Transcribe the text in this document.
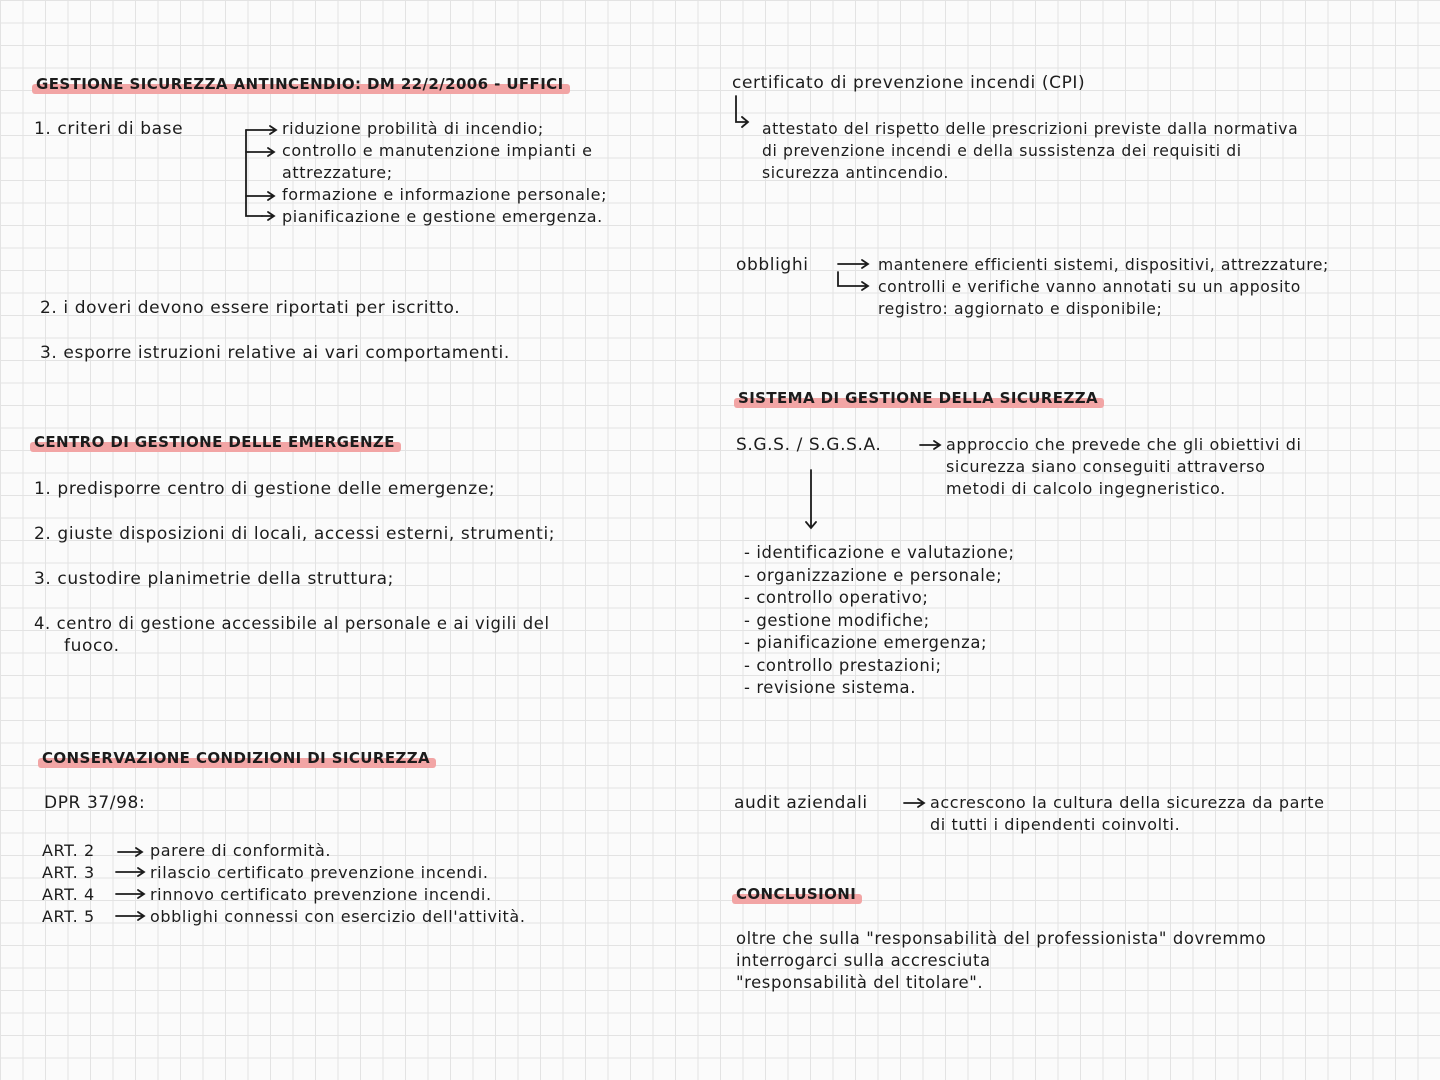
GESTIONE SICUREZZA ANTINCENDIO: DM 22/2/2006 - UFFICI
1. criteri di base	riduzione probilità di incendio;
controllo e manutenzione impianti e
attrezzature;
formazione e informazione personale;
pianificazione e gestione emergenza.
2. i doveri devono essere riportati per iscritto.
3. esporre istruzioni relative ai vari comportamenti.
CENTRO DI GESTIONE DELLE EMERGENZE
1. predisporre centro di gestione delle emergenze;
2. giuste disposizioni di locali, accessi esterni, strumenti;
3. custodire planimetrie della struttura;
4. centro di gestione accessibile al personale e ai vigili del
fuoco.
CONSERVAZIONE CONDIZIONI DI SICUREZZA
DPR 37/98:
ART. 2	parere di conformità.
ART. 3	rilascio certificato prevenzione incendi.
ART. 4	rinnovo certificato prevenzione incendi.
ART. 5	obblighi connessi con esercizio dell'attività.
certificato di prevenzione incendi (CPI)
attestato del rispetto delle prescrizioni previste dalla normativa
di prevenzione incendi e della sussistenza dei requisiti di
sicurezza antincendio.
obblighi	mantenere efficienti sistemi, dispositivi, attrezzature;
controlli e verifiche vanno annotati su un apposito
registro: aggiornato e disponibile;
SISTEMA DI GESTIONE DELLA SICUREZZA
S.G.S. / S.G.S.A.	approccio che prevede che gli obiettivi di
sicurezza siano conseguiti attraverso
metodi di calcolo ingegneristico.
- identificazione e valutazione;
- organizzazione e personale;
- controllo operativo;
- gestione modifiche;
- pianificazione emergenza;
- controllo prestazioni;
- revisione sistema.
audit aziendali	accrescono la cultura della sicurezza da parte
di tutti i dipendenti coinvolti.
CONCLUSIONI
oltre che sulla "responsabilità del professionista" dovremmo
interrogarci sulla accresciuta
"responsabilità del titolare".
